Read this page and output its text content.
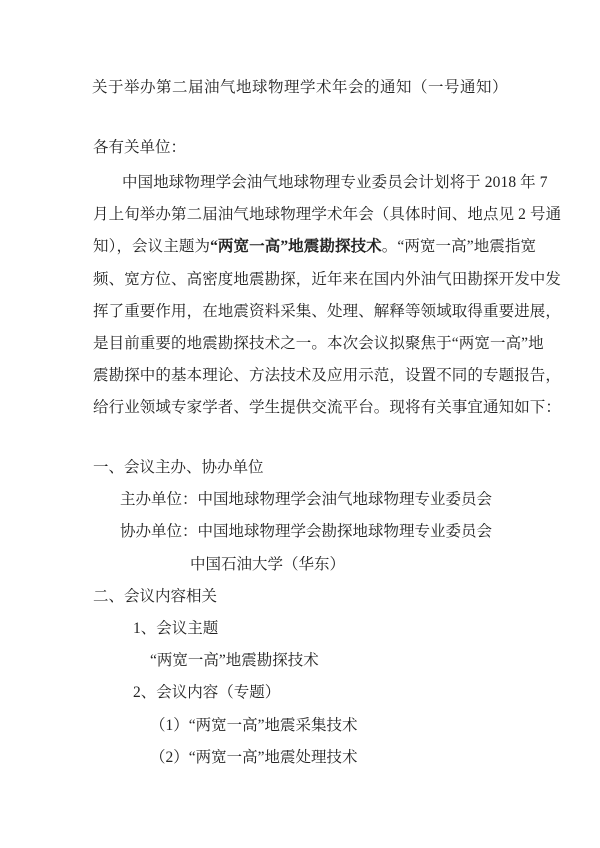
关于举办第二届油气地球物理学术年会的通知（一号通知）
各有关单位：
中国地球物理学会油气地球物理专业委员会计划将于 2018 年 7
月上旬举办第二届油气地球物理学术年会（具体时间、地点见 2 号通
知），会议主题为“两宽一高”地震勘探技术。“两宽一高”地震指宽
频、宽方位、高密度地震勘探，近年来在国内外油气田勘探开发中发
挥了重要作用，在地震资料采集、处理、解释等领域取得重要进展，
是目前重要的地震勘探技术之一。本次会议拟聚焦于“两宽一高”地
震勘探中的基本理论、方法技术及应用示范，设置不同的专题报告，
给行业领域专家学者、学生提供交流平台。现将有关事宜通知如下：
一、会议主办、协办单位
主办单位：中国地球物理学会油气地球物理专业委员会
协办单位：中国地球物理学会勘探地球物理专业委员会
中国石油大学（华东）
二、会议内容相关
1、会议主题
“两宽一高”地震勘探技术
2、会议内容（专题）
（1）“两宽一高”地震采集技术
（2）“两宽一高”地震处理技术
